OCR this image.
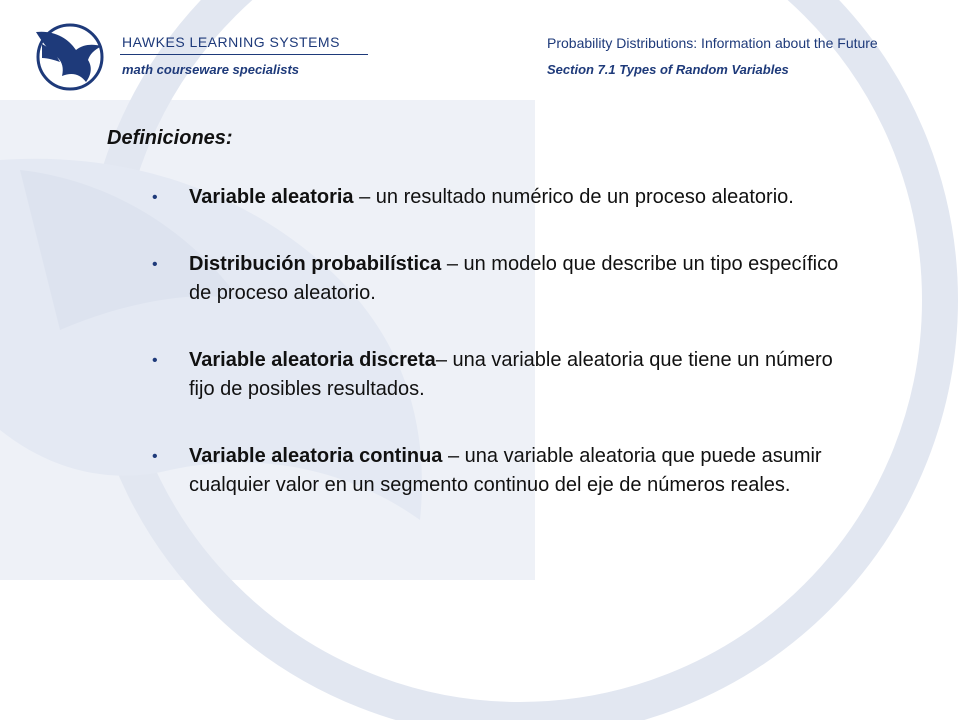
HAWKES LEARNING SYSTEMS

math courseware specialists

Probability Distributions: Information about the Future

Section 7.1 Types of Random Variables

Definiciones:
• Variable aleatoria – un resultado numérico de un proceso aleatorio.
• Distribución probabilística – un modelo que describe un tipo específico de proceso aleatorio.
• Variable aleatoria discreta– una variable aleatoria que tiene un número fijo de posibles resultados.
• Variable aleatoria continua – una variable aleatoria que puede asumir cualquier valor en un segmento continuo del eje de números reales.
